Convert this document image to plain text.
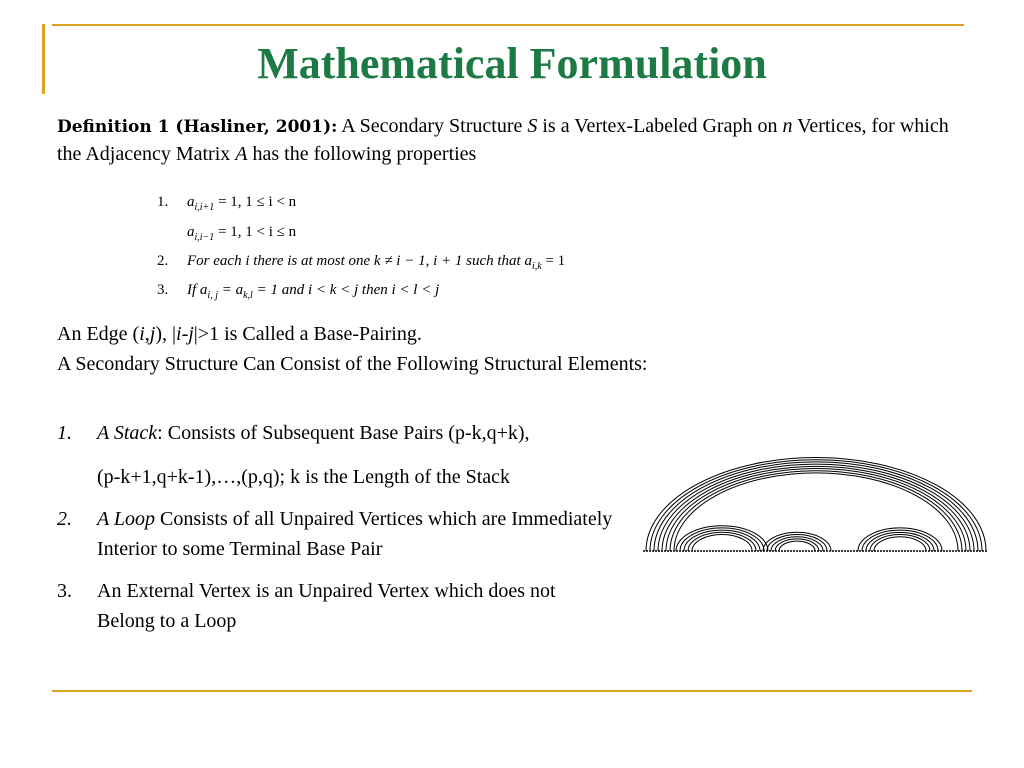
Mathematical Formulation
Definition 1 (Hasliner, 2001): A Secondary Structure S is a Vertex-Labeled Graph on n Vertices, for which the Adjacency Matrix A has the following properties
1. $a_{i,i+1} = 1$, 1 ≤ i < n
$a_{i,i-1} = 1$, 1 < i ≤ n
2. For each i there is at most one k ≠ i − 1, i + 1 such that $a_{i,k} = 1$
3. If $a_{i, j} = a_{k,l} = 1$ and i < k < j then i < l < j
An Edge (i,j), |i-j|>1 is Called a Base-Pairing.
A Secondary Structure Can Consist of the Following Structural Elements:
1. A Stack: Consists of Subsequent Base Pairs (p-k,q+k),
(p-k+1,q+k-1),…,(p,q); k is the Length of the Stack
2. A Loop Consists of all Unpaired Vertices which are Immediately Interior to some Terminal Base Pair
3. An External Vertex is an Unpaired Vertex which does not Belong to a Loop
